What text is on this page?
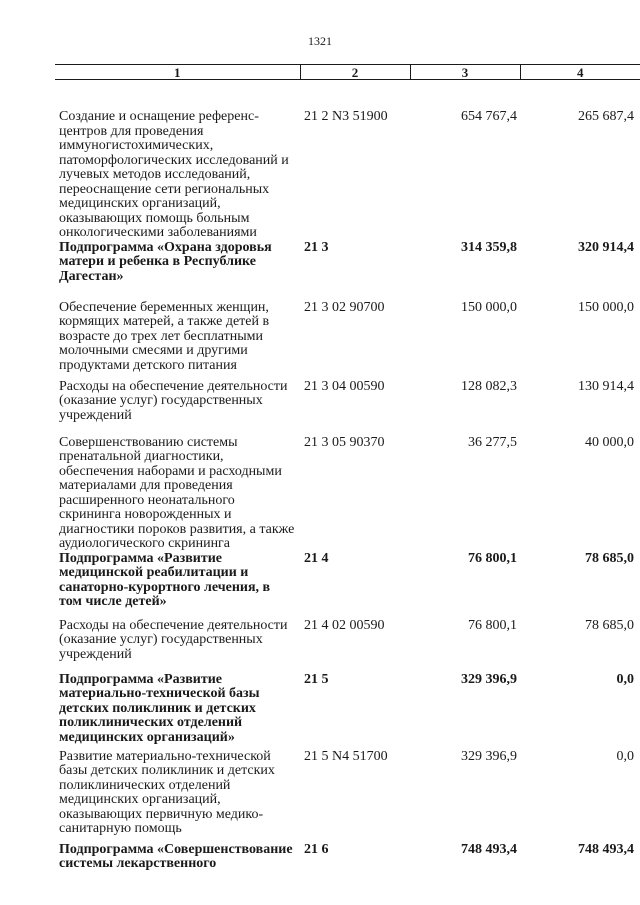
1321
1	2	3	4
Создание и оснащение референс-центров для проведения иммуногистохимических, патоморфологических исследований и лучевых методов исследований, переоснащение сети региональных медицинских организаций, оказывающих помощь больным онкологическими заболеваниями	21 2 N3 51900	654 767,4	265 687,4
Подпрограмма «Охрана здоровья матери и ребенка в Республике Дагестан»	21 3	314 359,8	320 914,4
Обеспечение беременных женщин, кормящих матерей, а также детей в возрасте до трех лет бесплатными молочными смесями и другими продуктами детского питания	21 3 02 90700	150 000,0	150 000,0
Расходы на обеспечение деятельности (оказание услуг) государственных учреждений	21 3 04 00590	128 082,3	130 914,4
Совершенствованию системы пренатальной диагностики, обеспечения наборами и расходными материалами для проведения расширенного неонатального скрининга новорожденных и диагностики пороков развития, а также аудиологического скрининга	21 3 05 90370	36 277,5	40 000,0
Подпрограмма «Развитие медицинской реабилитации и санаторно-курортного лечения, в том числе детей»	21 4	76 800,1	78 685,0
Расходы на обеспечение деятельности (оказание услуг) государственных учреждений	21 4 02 00590	76 800,1	78 685,0
Подпрограмма «Развитие материально-технической базы детских поликлиник и детских поликлинических отделений медицинских организаций»	21 5	329 396,9	0,0
Развитие материально-технической базы детских поликлиник и детских поликлинических отделений медицинских организаций, оказывающих первичную медико-санитарную помощь	21 5 N4 51700	329 396,9	0,0
Подпрограмма «Совершенствование системы лекарственного	21 6	748 493,4	748 493,4
